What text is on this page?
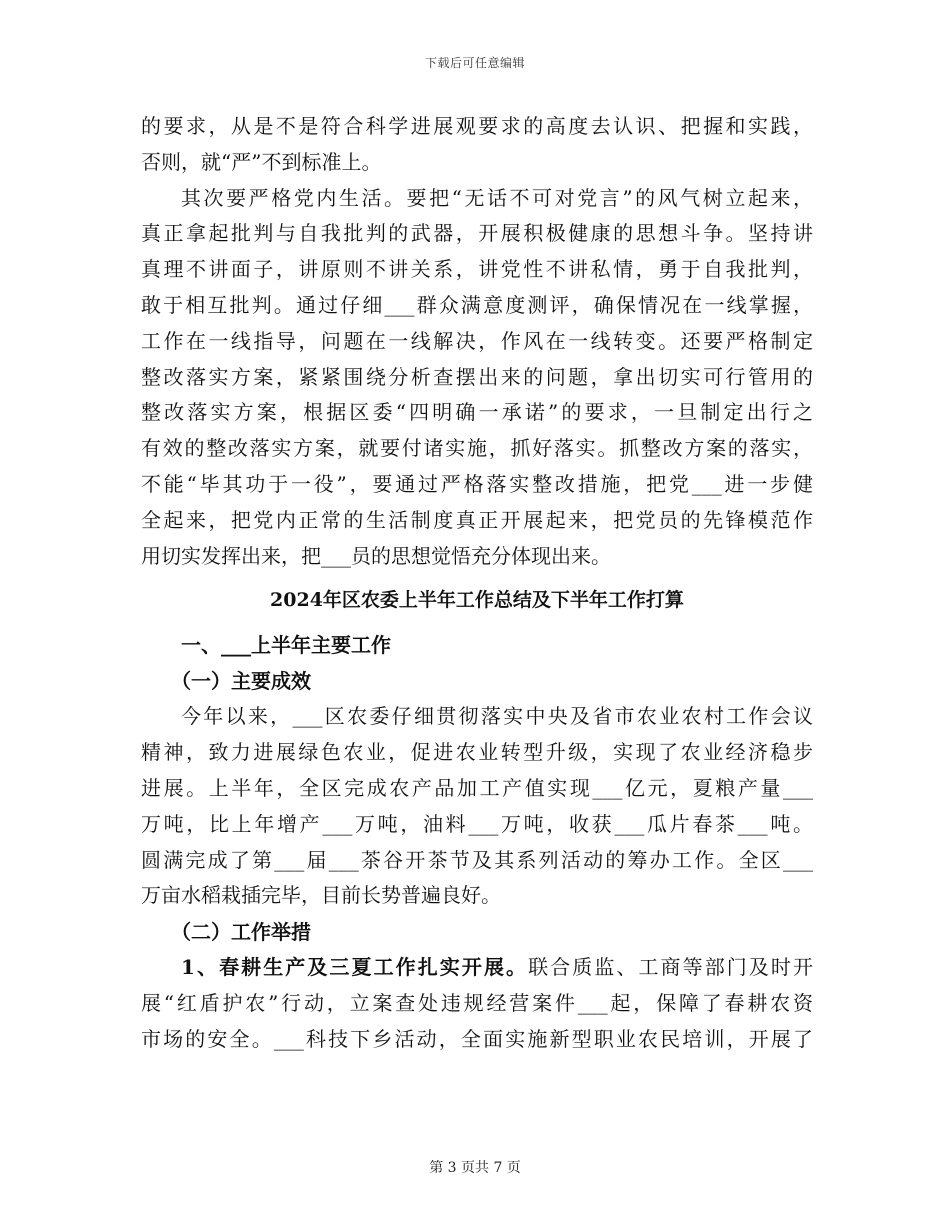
下载后可任意编辑
的要求，从是不是符合科学进展观要求的高度去认识、把握和实践，
否则，就“严”不到标准上。
其次要严格党内生活。要把“无话不可对党言”的风气树立起来，
真正拿起批判与自我批判的武器，开展积极健康的思想斗争。坚持讲
真理不讲面子，讲原则不讲关系，讲党性不讲私情，勇于自我批判，
敢于相互批判。通过仔细___群众满意度测评，确保情况在一线掌握，
工作在一线指导，问题在一线解决，作风在一线转变。还要严格制定
整改落实方案，紧紧围绕分析查摆出来的问题，拿出切实可行管用的
整改落实方案，根据区委“四明确一承诺”的要求，一旦制定出行之
有效的整改落实方案，就要付诸实施，抓好落实。抓整改方案的落实，
不能“毕其功于一役”，要通过严格落实整改措施，把党___进一步健
全起来，把党内正常的生活制度真正开展起来，把党员的先锋模范作
用切实发挥出来，把___员的思想觉悟充分体现出来。
2024年区农委上半年工作总结及下半年工作打算
一、___上半年主要工作
（一）主要成效
今年以来，___区农委仔细贯彻落实中央及省市农业农村工作会议
精神，致力进展绿色农业，促进农业转型升级，实现了农业经济稳步
进展。上半年，全区完成农产品加工产值实现___亿元，夏粮产量___
万吨，比上年增产___万吨，油料___万吨，收获___瓜片春茶___吨。
圆满完成了第___届___茶谷开茶节及其系列活动的筹办工作。全区___
万亩水稻栽插完毕，目前长势普遍良好。
（二）工作举措
1、春耕生产及三夏工作扎实开展。联合质监、工商等部门及时开
展“红盾护农”行动，立案查处违规经营案件___起，保障了春耕农资
市场的安全。___科技下乡活动，全面实施新型职业农民培训，开展了
第 3 页共 7 页
